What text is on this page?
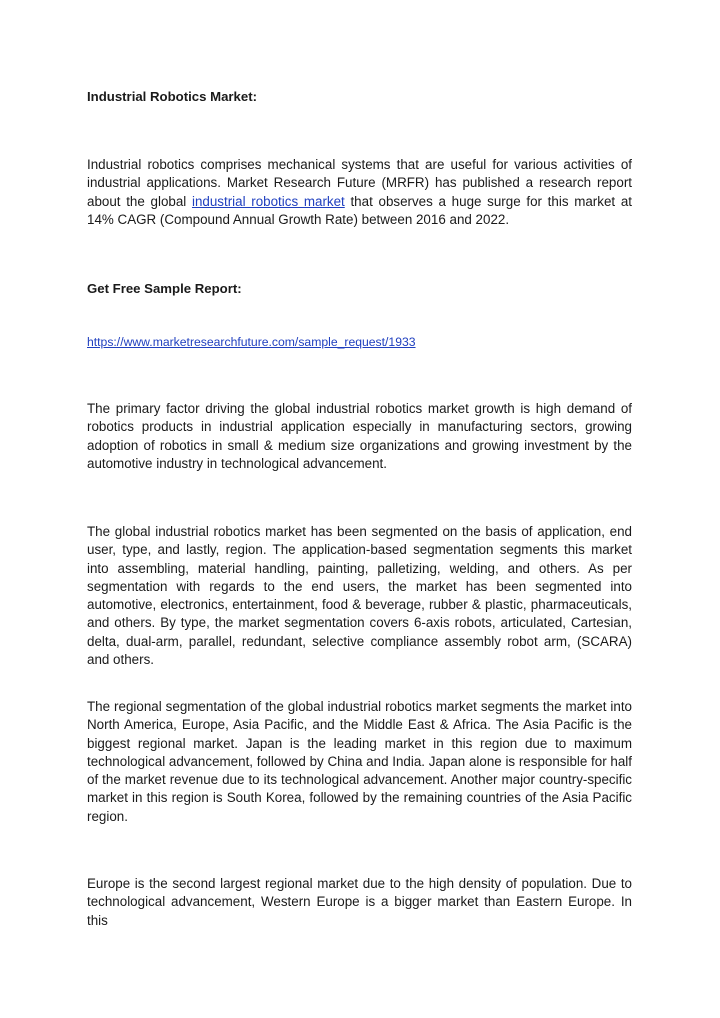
Industrial Robotics Market:

Industrial robotics comprises mechanical systems that are useful for various activities of industrial applications. Market Research Future (MRFR) has published a research report about the global industrial robotics market that observes a huge surge for this market at 14% CAGR (Compound Annual Growth Rate) between 2016 and 2022.

Get Free Sample Report:

https://www.marketresearchfuture.com/sample_request/1933

The primary factor driving the global industrial robotics market growth is high demand of robotics products in industrial application especially in manufacturing sectors, growing adoption of robotics in small & medium size organizations and growing investment by the automotive industry in technological advancement.

The global industrial robotics market has been segmented on the basis of application, end user, type, and lastly, region. The application-based segmentation segments this market into assembling, material handling, painting, palletizing, welding, and others. As per segmentation with regards to the end users, the market has been segmented into automotive, electronics, entertainment, food & beverage, rubber & plastic, pharmaceuticals, and others. By type, the market segmentation covers 6-axis robots, articulated, Cartesian, delta, dual-arm, parallel, redundant, selective compliance assembly robot arm, (SCARA) and others.

The regional segmentation of the global industrial robotics market segments the market into North America, Europe, Asia Pacific, and the Middle East & Africa. The Asia Pacific is the biggest regional market. Japan is the leading market in this region due to maximum technological advancement, followed by China and India. Japan alone is responsible for half of the market revenue due to its technological advancement. Another major country-specific market in this region is South Korea, followed by the remaining countries of the Asia Pacific region.

Europe is the second largest regional market due to the high density of population. Due to technological advancement, Western Europe is a bigger market than Eastern Europe. In this
